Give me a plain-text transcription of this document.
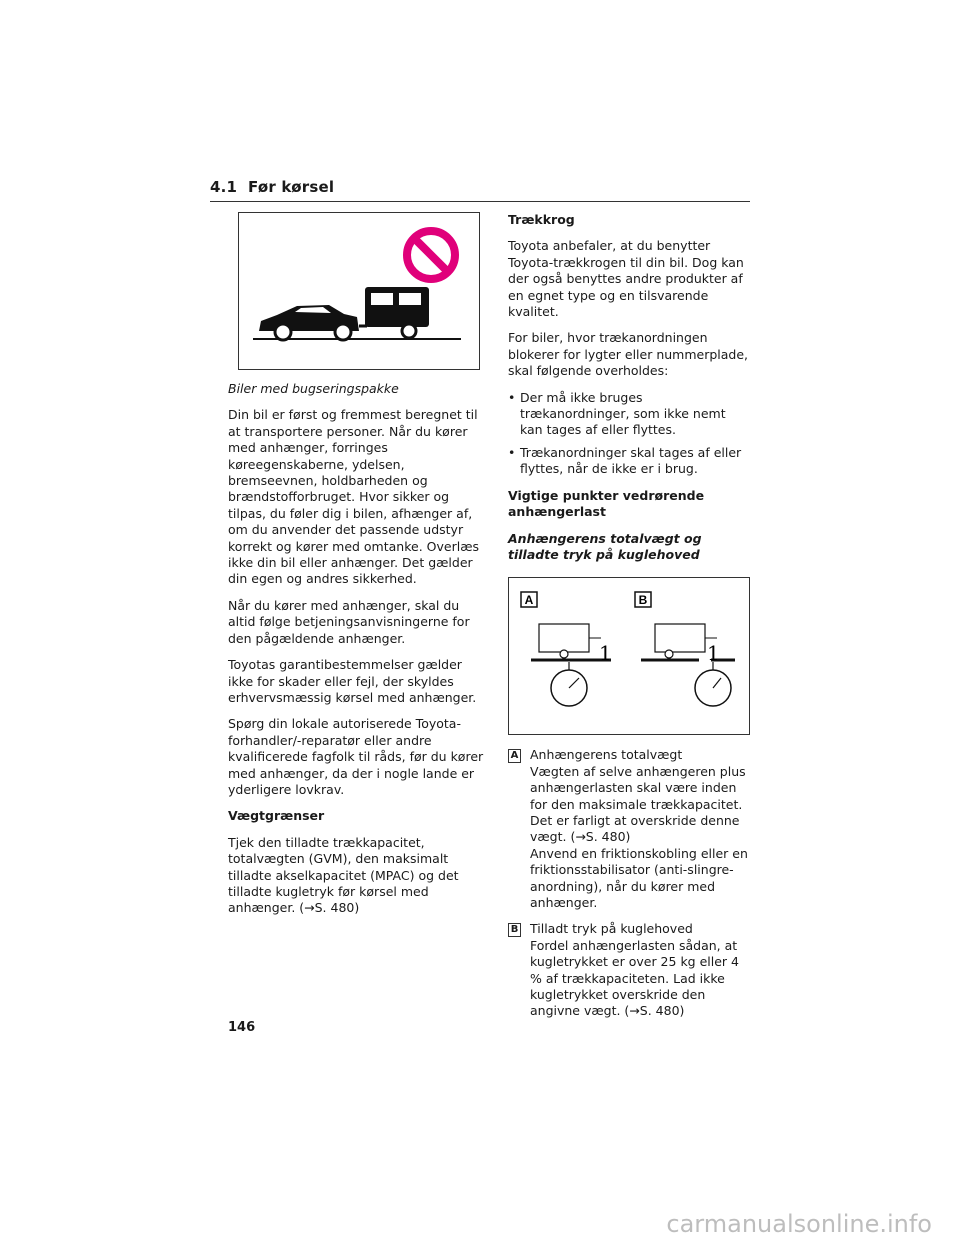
4.1 Før kørsel

Biler med bugseringspakke

Din bil er først og fremmest beregnet til at transportere personer. Når du kører med anhænger, forringes køreegenskaberne, ydelsen, bremseevnen, holdbarheden og brændstofforbruget. Hvor sikker og tilpas, du føler dig i bilen, afhænger af, om du anvender det passende udstyr korrekt og kører med omtanke. Overlæs ikke din bil eller anhænger. Det gælder din egen og andres sikkerhed.

Når du kører med anhænger, skal du altid følge betjeningsanvisningerne for den pågældende anhænger.

Toyotas garantibestemmelser gælder ikke for skader eller fejl, der skyldes erhvervsmæssig kørsel med anhænger.

Spørg din lokale autoriserede Toyota-forhandler/-reparatør eller andre kvalificerede fagfolk til råds, før du kører med anhænger, da der i nogle lande er yderligere lovkrav.

Vægtgrænser

Tjek den tilladte trækkapacitet, totalvægten (GVM), den maksimalt tilladte akselkapacitet (MPAC) og det tilladte kugletryk før kørsel med anhænger. (→S. 480)

Trækkrog

Toyota anbefaler, at du benytter Toyota-trækkrogen til din bil. Dog kan der også benyttes andre produkter af en egnet type og en tilsvarende kvalitet.

For biler, hvor trækanordningen blokerer for lygter eller nummerplade, skal følgende overholdes:

• Der må ikke bruges trækanordninger, som ikke nemt kan tages af eller flyttes.
• Trækanordninger skal tages af eller flyttes, når de ikke er i brug.

Vigtige punkter vedrørende anhængerlast

Anhængerens totalvægt og tilladte tryk på kuglehoved

A	B
1	1
A Anhængerens totalvægt
Vægten af selve anhængeren plus anhængerlasten skal være inden for den maksimale trækkapacitet. Det er farligt at overskride denne vægt. (→S. 480)
Anvend en friktionskobling eller en friktionsstabilisator (anti-slingre-anordning), når du kører med anhænger.
B Tilladt tryk på kuglehoved
Fordel anhængerlasten sådan, at kugletrykket er over 25 kg eller 4 % af trækkapaciteten. Lad ikke kugletrykket overskride den angivne vægt. (→S. 480)
146
carmanualsonline.info
